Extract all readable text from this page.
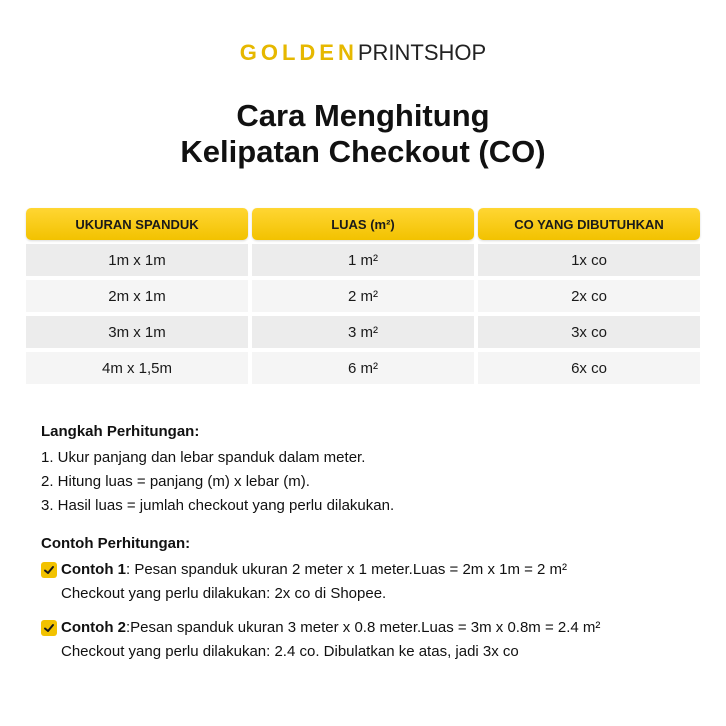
GOLDENPRINTSHOP
Cara Menghitung
Kelipatan Checkout (CO)
UKURAN SPANDUK	LUAS (m²)	CO YANG DIBUTUHKAN
1m x 1m	1 m²	1x co
2m x 1m	2 m²	2x co
3m x 1m	3 m²	3x co
4m x 1,5m	6 m²	6x co
Langkah Perhitungan:
1. Ukur panjang dan lebar spanduk dalam meter.
2. Hitung luas = panjang (m) x lebar (m).
3. Hasil luas = jumlah checkout yang perlu dilakukan.
Contoh Perhitungan:
Contoh 1: Pesan spanduk ukuran 2 meter x 1 meter.Luas = 2m x 1m = 2 m²
Checkout yang perlu dilakukan: 2x co di Shopee.
Contoh 2:Pesan spanduk ukuran 3 meter x 0.8 meter.Luas = 3m x 0.8m = 2.4 m²
Checkout yang perlu dilakukan: 2.4 co. Dibulatkan ke atas, jadi 3x co
